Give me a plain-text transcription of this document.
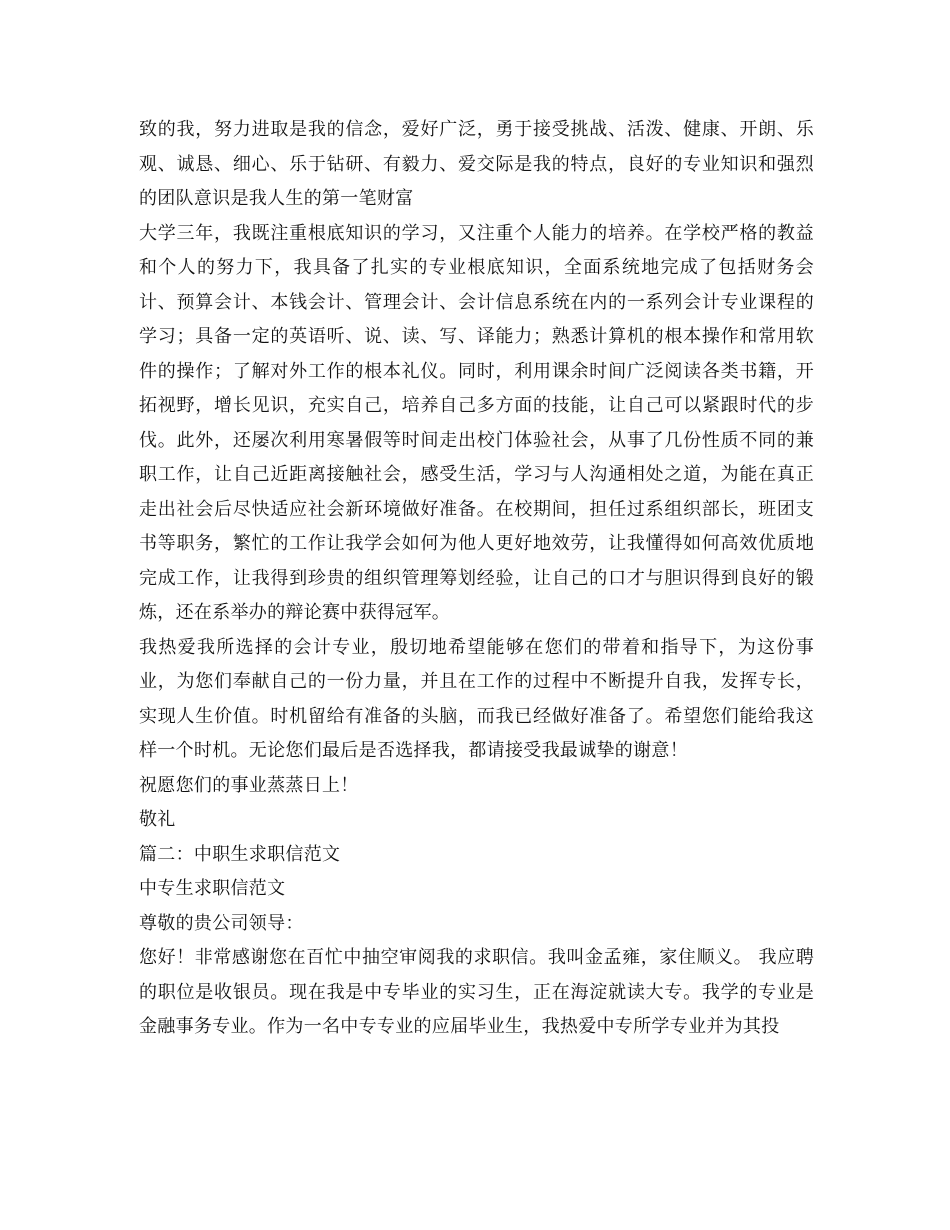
致的我，努力进取是我的信念，爱好广泛，勇于接受挑战、活泼、健康、开朗、乐观、诚恳、细心、乐于钻研、有毅力、爱交际是我的特点，良好的专业知识和强烈的团队意识是我人生的第一笔财富

大学三年，我既注重根底知识的学习，又注重个人能力的培养。在学校严格的教益和个人的努力下，我具备了扎实的专业根底知识，全面系统地完成了包括财务会计、预算会计、本钱会计、管理会计、会计信息系统在内的一系列会计专业课程的学习；具备一定的英语听、说、读、写、译能力；熟悉计算机的根本操作和常用软件的操作；了解对外工作的根本礼仪。同时，利用课余时间广泛阅读各类书籍，开拓视野，增长见识，充实自己，培养自己多方面的技能，让自己可以紧跟时代的步伐。此外，还屡次利用寒暑假等时间走出校门体验社会，从事了几份性质不同的兼职工作，让自己近距离接触社会，感受生活，学习与人沟通相处之道，为能在真正走出社会后尽快适应社会新环境做好准备。在校期间，担任过系组织部长，班团支书等职务，繁忙的工作让我学会如何为他人更好地效劳，让我懂得如何高效优质地完成工作，让我得到珍贵的组织管理筹划经验，让自己的口才与胆识得到良好的锻炼，还在系举办的辩论赛中获得冠军。

我热爱我所选择的会计专业，殷切地希望能够在您们的带着和指导下，为这份事业，为您们奉献自己的一份力量，并且在工作的过程中不断提升自我，发挥专长，实现人生价值。时机留给有准备的头脑，而我已经做好准备了。希望您们能给我这样一个时机。无论您们最后是否选择我，都请接受我最诚挚的谢意！

祝愿您们的事业蒸蒸日上！

敬礼

篇二：中职生求职信范文

中专生求职信范文

尊敬的贵公司领导：

您好！非常感谢您在百忙中抽空审阅我的求职信。我叫金孟雍，家住顺义。 我应聘的职位是收银员。现在我是中专毕业的实习生，正在海淀就读大专。我学的专业是金融事务专业。作为一名中专专业的应届毕业生，我热爱中专所学专业并为其投
